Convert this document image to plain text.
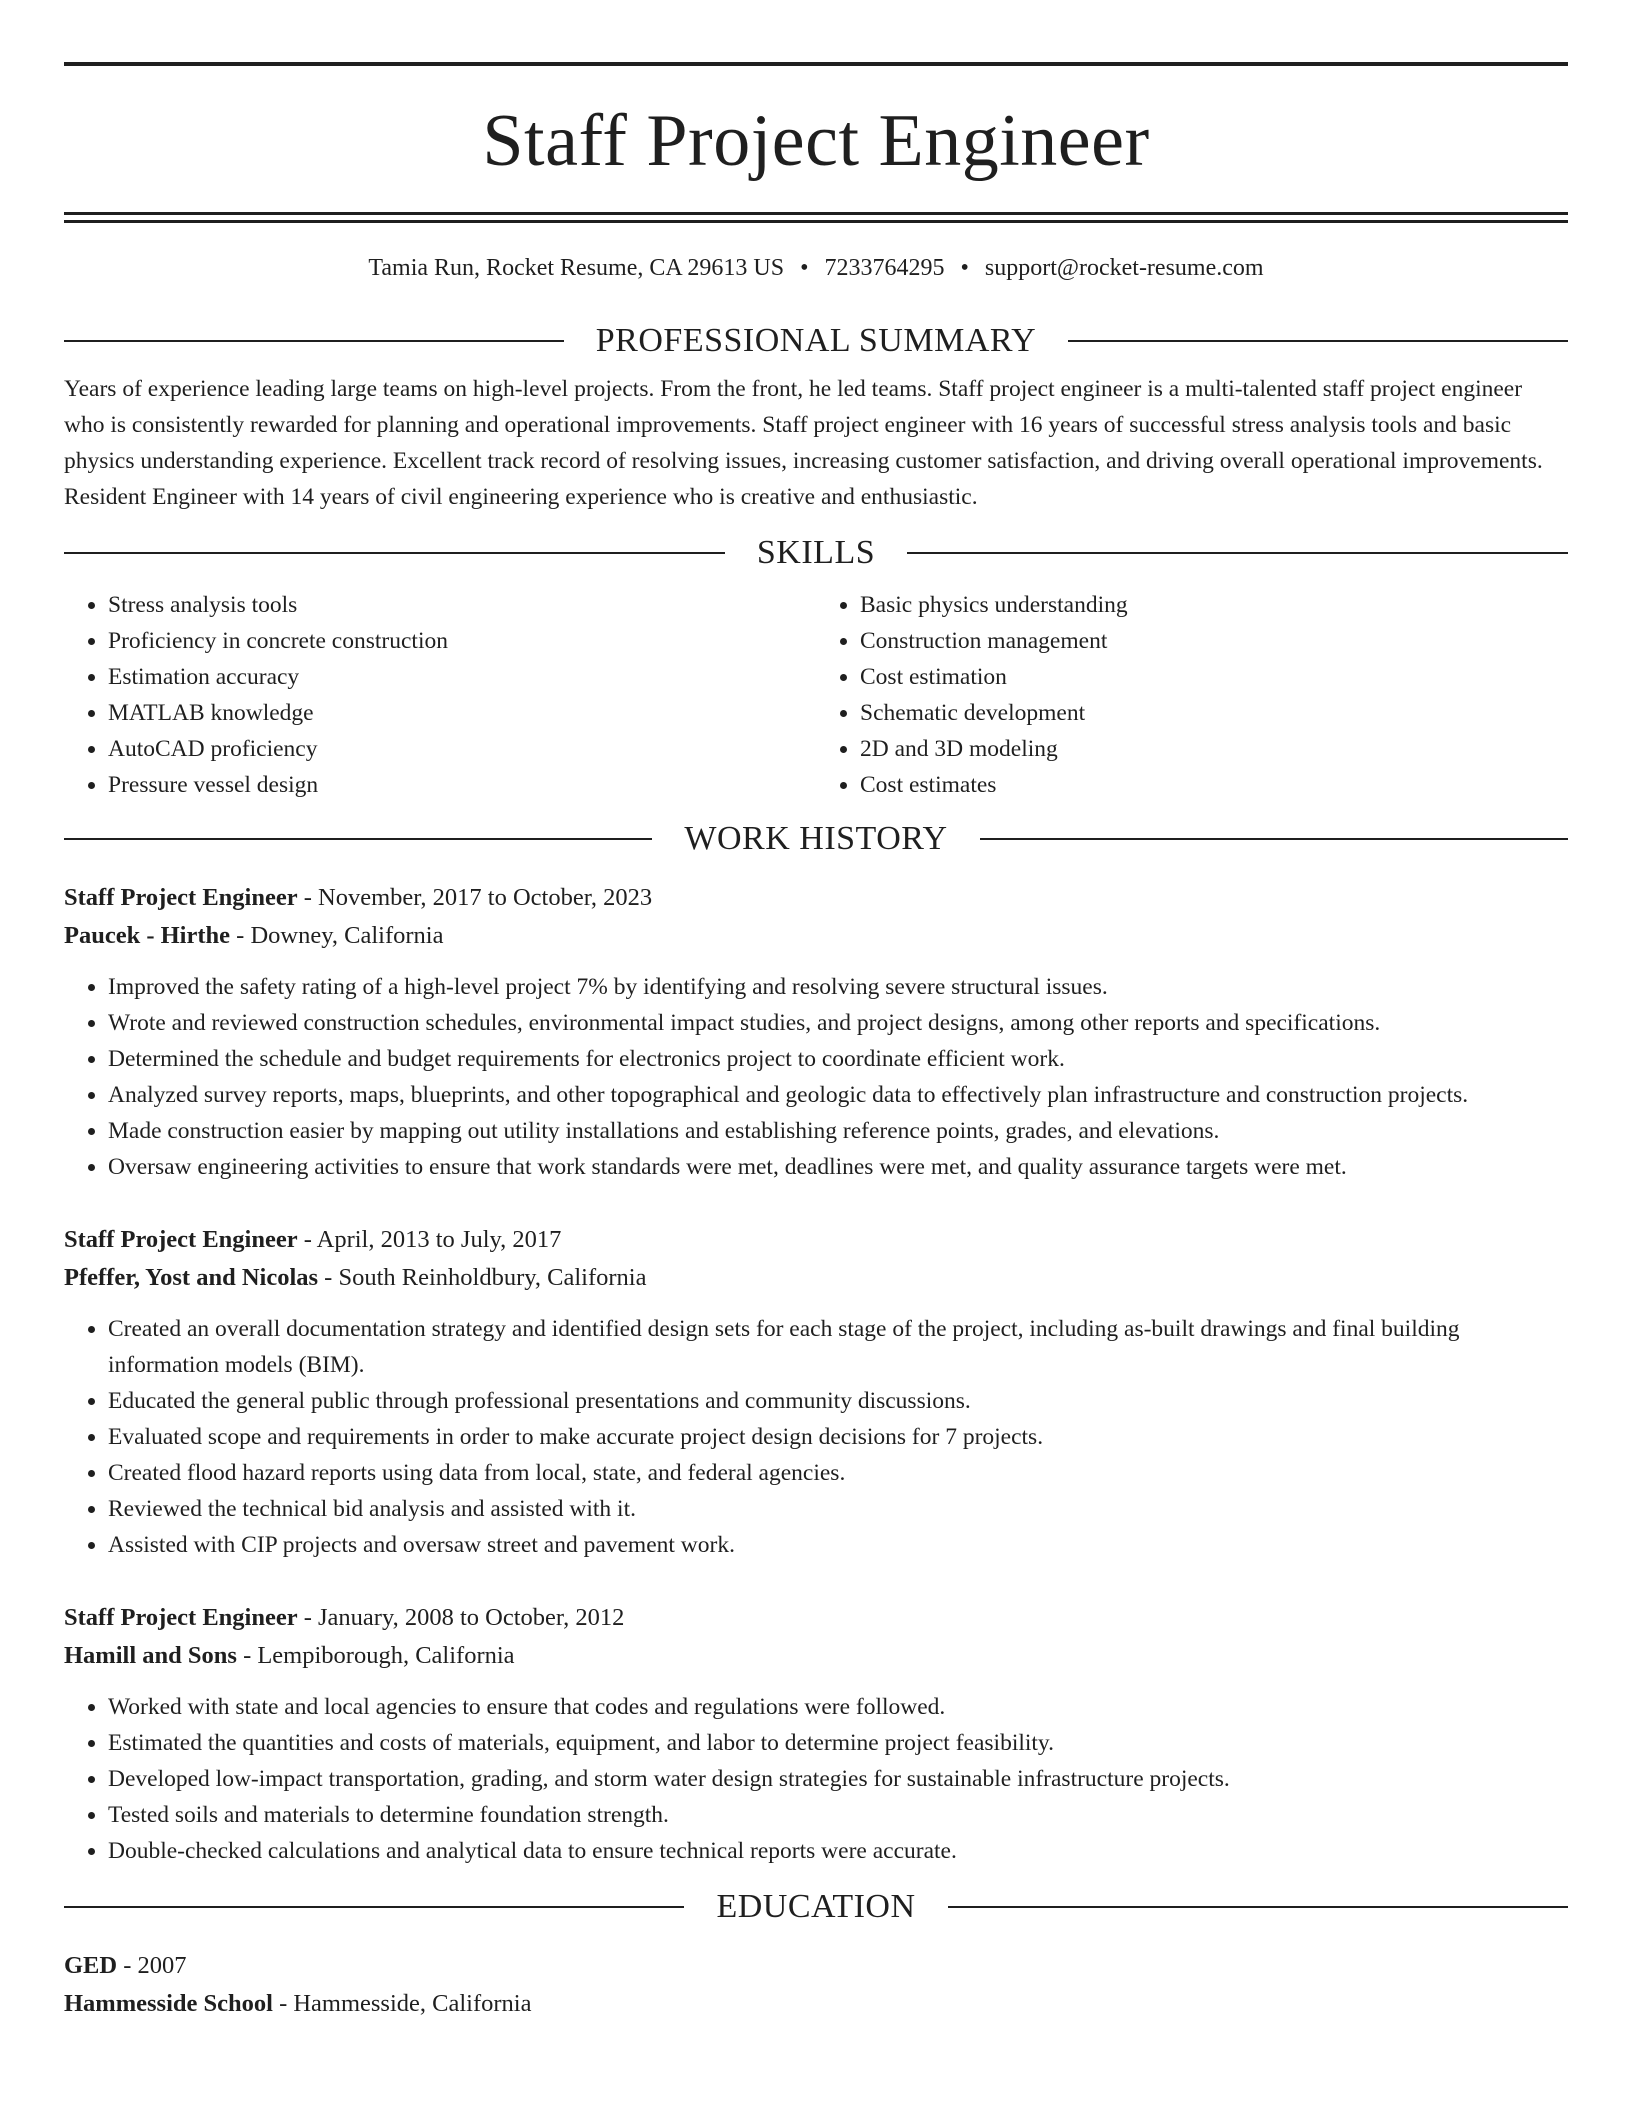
Staff Project Engineer
Tamia Run, Rocket Resume, CA 29613 US • 7233764295 • support@rocket-resume.com
PROFESSIONAL SUMMARY
Years of experience leading large teams on high-level projects. From the front, he led teams. Staff project engineer is a multi-talented staff project engineer who is consistently rewarded for planning and operational improvements. Staff project engineer with 16 years of successful stress analysis tools and basic physics understanding experience. Excellent track record of resolving issues, increasing customer satisfaction, and driving overall operational improvements. Resident Engineer with 14 years of civil engineering experience who is creative and enthusiastic.
SKILLS
• Stress analysis tools
• Proficiency in concrete construction
• Estimation accuracy
• MATLAB knowledge
• AutoCAD proficiency
• Pressure vessel design
• Basic physics understanding
• Construction management
• Cost estimation
• Schematic development
• 2D and 3D modeling
• Cost estimates
WORK HISTORY
Staff Project Engineer - November, 2017 to October, 2023
Paucek - Hirthe - Downey, California
• Improved the safety rating of a high-level project 7% by identifying and resolving severe structural issues.
• Wrote and reviewed construction schedules, environmental impact studies, and project designs, among other reports and specifications.
• Determined the schedule and budget requirements for electronics project to coordinate efficient work.
• Analyzed survey reports, maps, blueprints, and other topographical and geologic data to effectively plan infrastructure and construction projects.
• Made construction easier by mapping out utility installations and establishing reference points, grades, and elevations.
• Oversaw engineering activities to ensure that work standards were met, deadlines were met, and quality assurance targets were met.
Staff Project Engineer - April, 2013 to July, 2017
Pfeffer, Yost and Nicolas - South Reinholdbury, California
• Created an overall documentation strategy and identified design sets for each stage of the project, including as-built drawings and final building information models (BIM).
• Educated the general public through professional presentations and community discussions.
• Evaluated scope and requirements in order to make accurate project design decisions for 7 projects.
• Created flood hazard reports using data from local, state, and federal agencies.
• Reviewed the technical bid analysis and assisted with it.
• Assisted with CIP projects and oversaw street and pavement work.
Staff Project Engineer - January, 2008 to October, 2012
Hamill and Sons - Lempiborough, California
• Worked with state and local agencies to ensure that codes and regulations were followed.
• Estimated the quantities and costs of materials, equipment, and labor to determine project feasibility.
• Developed low-impact transportation, grading, and storm water design strategies for sustainable infrastructure projects.
• Tested soils and materials to determine foundation strength.
• Double-checked calculations and analytical data to ensure technical reports were accurate.
EDUCATION
GED - 2007
Hammesside School - Hammesside, California
